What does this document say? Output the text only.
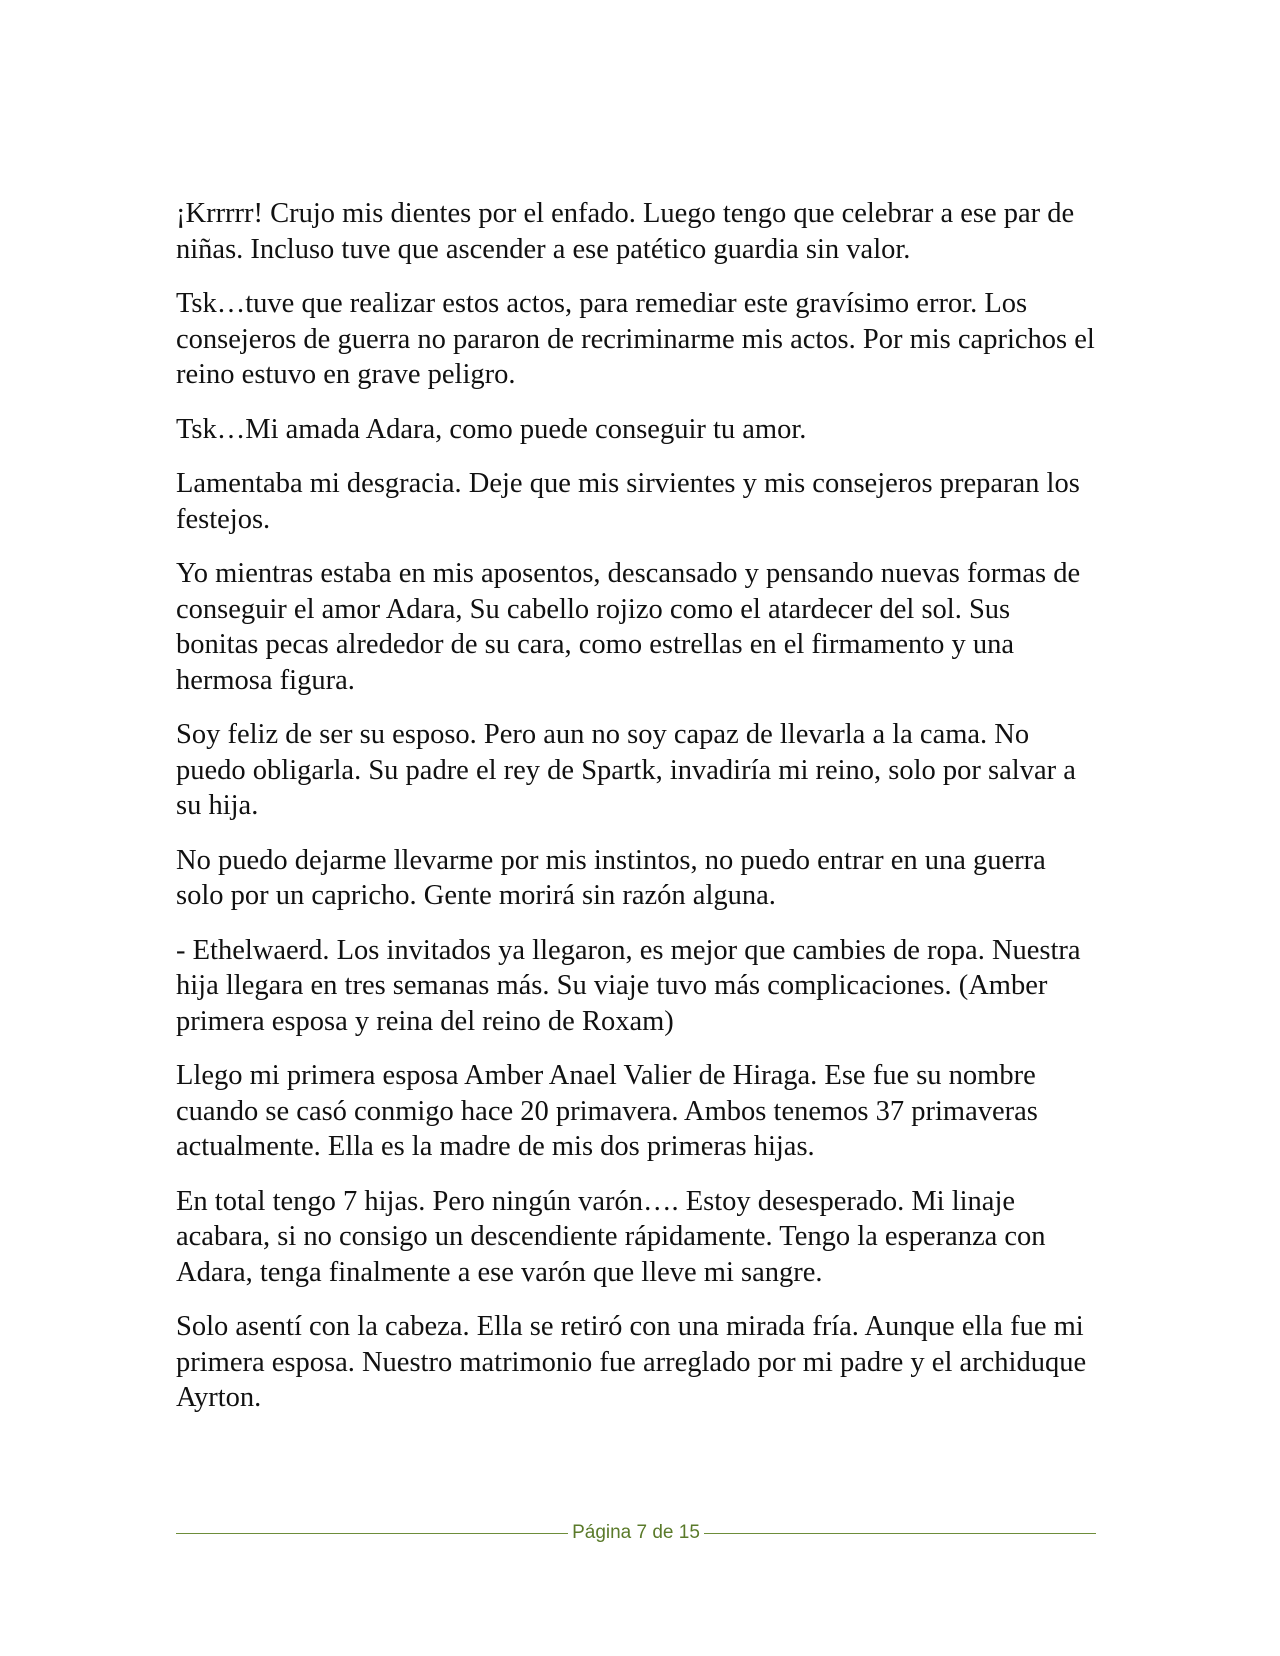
¡Krrrrr! Crujo mis dientes por el enfado. Luego tengo que celebrar a ese par de niñas. Incluso tuve que ascender a ese patético guardia sin valor.

Tsk…tuve que realizar estos actos, para remediar este gravísimo error. Los consejeros de guerra no pararon de recriminarme mis actos. Por mis caprichos el reino estuvo en grave peligro.

Tsk…Mi amada Adara, como puede conseguir tu amor.

Lamentaba mi desgracia. Deje que mis sirvientes y mis consejeros preparan los festejos.

Yo mientras estaba en mis aposentos, descansado y pensando nuevas formas de conseguir el amor Adara, Su cabello rojizo como el atardecer del sol. Sus bonitas pecas alrededor de su cara, como estrellas en el firmamento y una hermosa figura.

Soy feliz de ser su esposo. Pero aun no soy capaz de llevarla a la cama. No puedo obligarla. Su padre el rey de Spartk, invadiría mi reino, solo por salvar a su hija.

No puedo dejarme llevarme por mis instintos, no puedo entrar en una guerra solo por un capricho. Gente morirá sin razón alguna.

- Ethelwaerd. Los invitados ya llegaron, es mejor que cambies de ropa. Nuestra hija llegara en tres semanas más. Su viaje tuvo más complicaciones. (Amber primera esposa y reina del reino de Roxam)

Llego mi primera esposa Amber Anael Valier de Hiraga. Ese fue su nombre cuando se casó conmigo hace 20 primavera. Ambos tenemos 37 primaveras actualmente. Ella es la madre de mis dos primeras hijas.

En total tengo 7 hijas. Pero ningún varón…. Estoy desesperado. Mi linaje acabara, si no consigo un descendiente rápidamente. Tengo la esperanza con Adara, tenga finalmente a ese varón que lleve mi sangre.

Solo asentí con la cabeza. Ella se retiró con una mirada fría. Aunque ella fue mi primera esposa. Nuestro matrimonio fue arreglado por mi padre y el archiduque Ayrton.

Página 7 de 15
